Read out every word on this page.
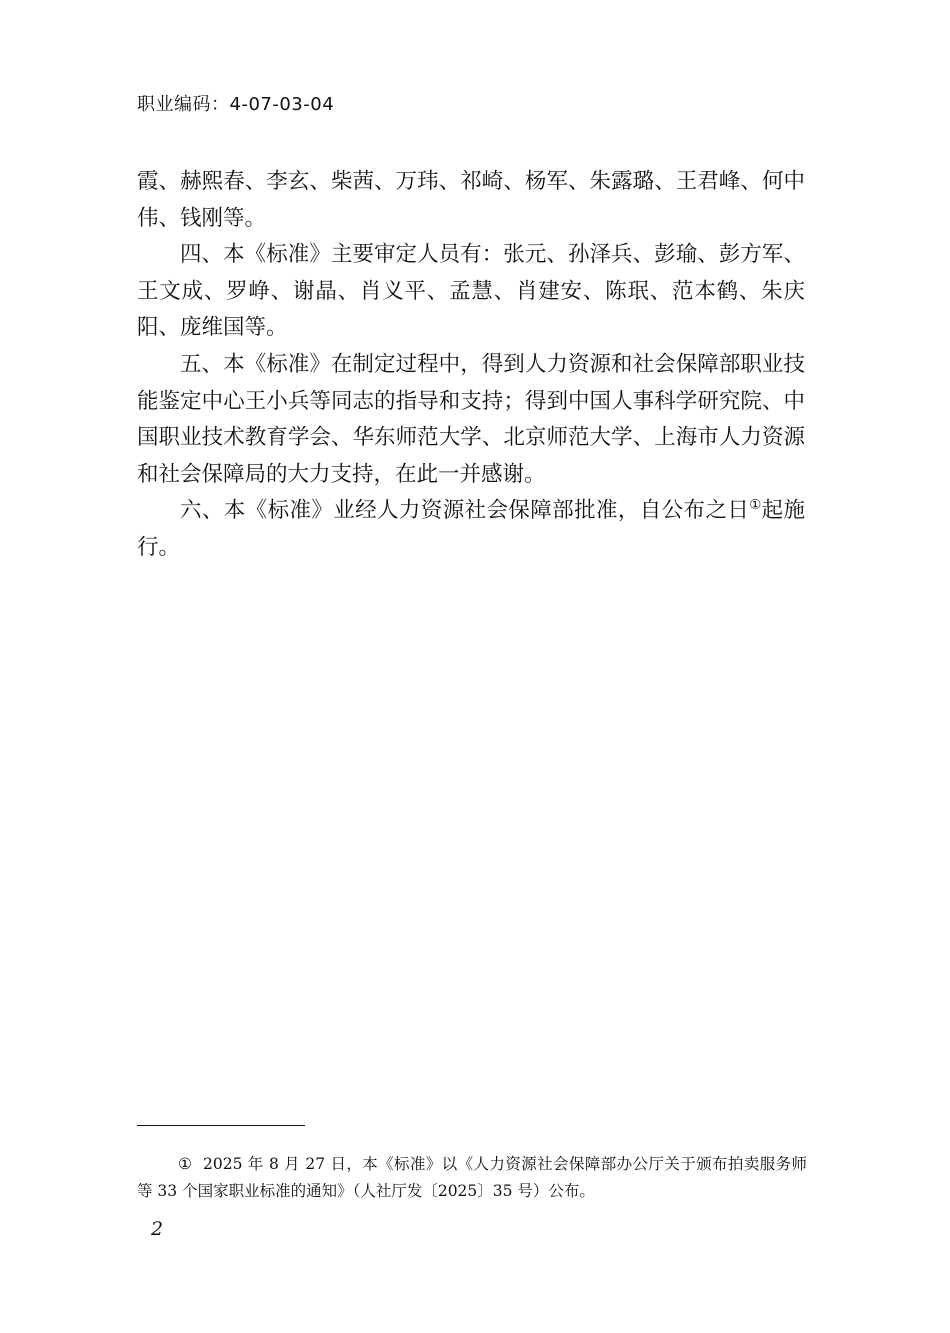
职业编码：4-07-03-04

霞、赫熙春、李玄、柴茜、万玮、祁崎、杨军、朱露璐、王君峰、何中伟、钱刚等。

四、本《标准》主要审定人员有：张元、孙泽兵、彭瑜、彭方军、王文成、罗峥、谢晶、肖义平、孟慧、肖建安、陈珉、范本鹤、朱庆阳、庞维国等。

五、本《标准》在制定过程中，得到人力资源和社会保障部职业技能鉴定中心王小兵等同志的指导和支持；得到中国人事科学研究院、中国职业技术教育学会、华东师范大学、北京师范大学、上海市人力资源和社会保障局的大力支持，在此一并感谢。

六、本《标准》业经人力资源社会保障部批准，自公布之日①起施行。

① 2025 年 8 月 27 日，本《标准》以《人力资源社会保障部办公厅关于颁布拍卖服务师等 33 个国家职业标准的通知》（人社厅发〔2025〕35 号）公布。
2
